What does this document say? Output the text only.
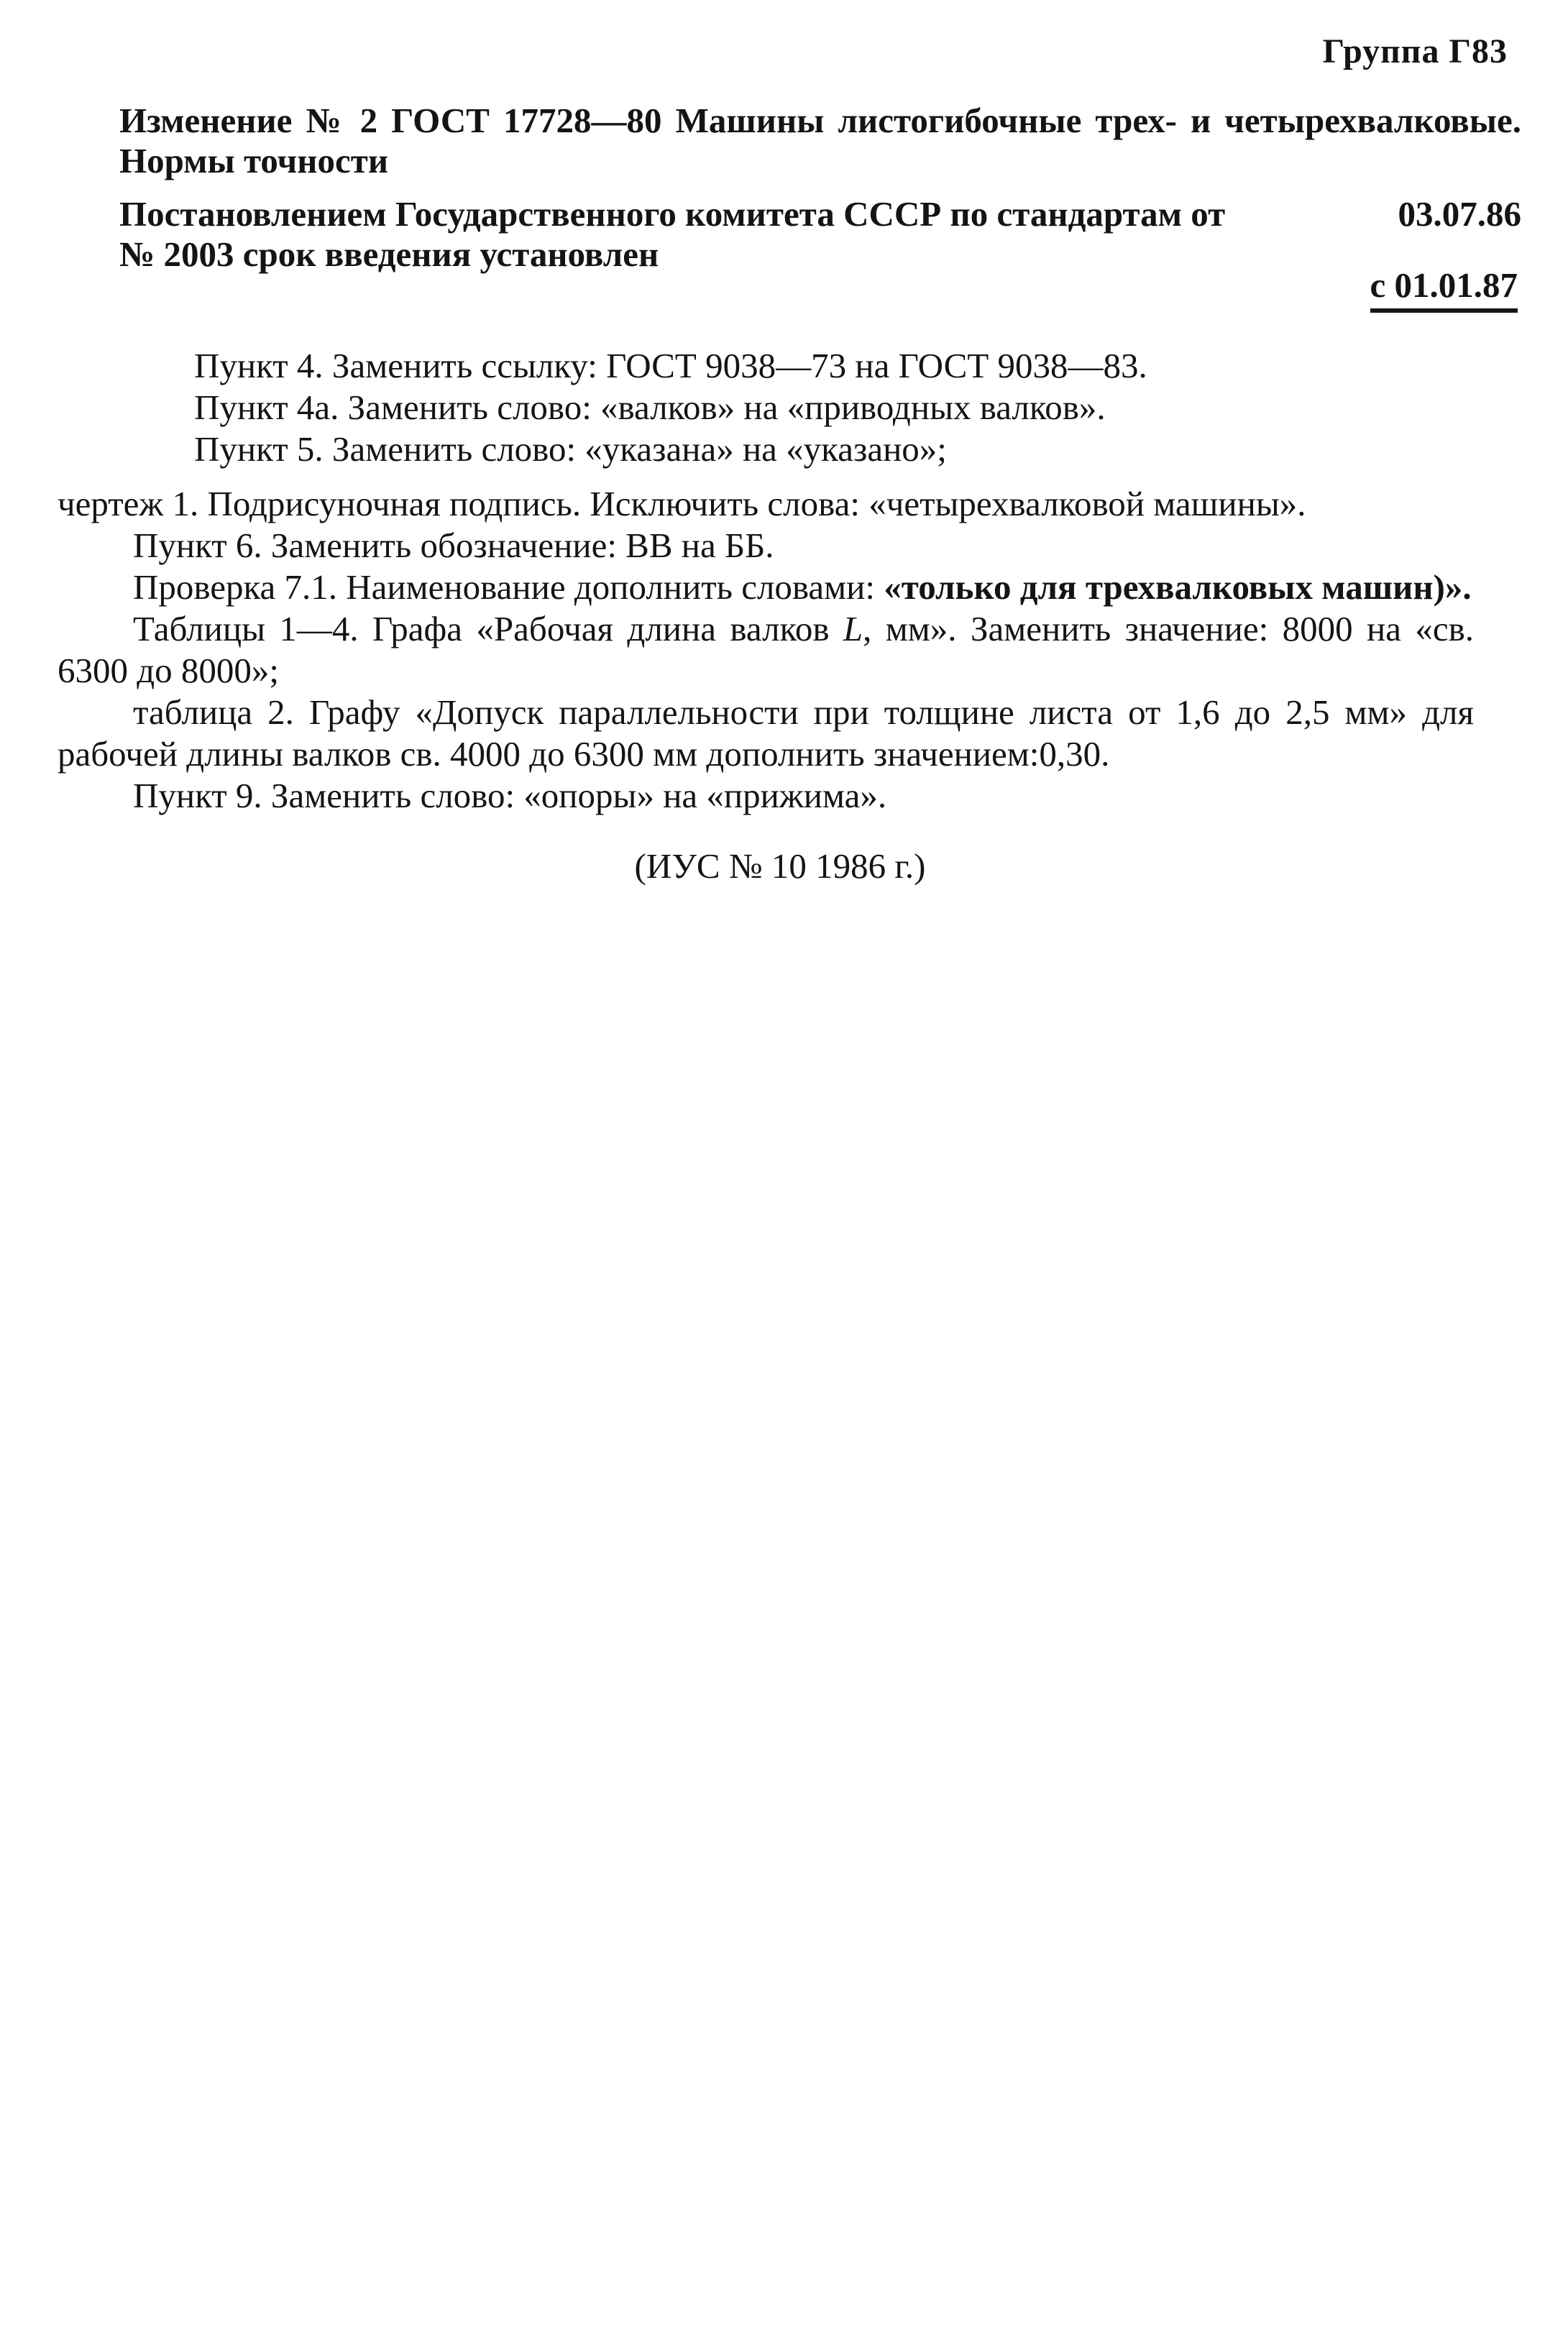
Группа Г83
Изменение № 2 ГОСТ 17728—80 Машины листогибочные трех- и четырехвалковые. Нормы точности
Постановлением Государственного комитета СССР по стандартам от	03.07.86
№ 2003 срок введения установлен
с 01.01.87

Пункт 4. Заменить ссылку: ГОСТ 9038—73 на ГОСТ 9038—83.

Пункт 4а. Заменить слово: «валков» на «приводных валков».

Пункт 5. Заменить слово: «указана» на «указано»;

чертеж 1. Подрисуночная подпись. Исключить слова: «четырехвалковой машины».

Пункт 6. Заменить обозначение: ВВ на ББ.

Проверка 7.1. Наименование дополнить словами: «только для трехвалковых машин)».

Таблицы 1—4. Графа «Рабочая длина валков L, мм». Заменить значение: 8000 на «св. 6300 до 8000»;

таблица 2. Графу «Допуск параллельности при толщине листа от 1,6 до 2,5 мм» для рабочей длины валков св. 4000 до 6300 мм дополнить значением:0,30.

Пункт 9. Заменить слово: «опоры» на «прижима».

(ИУС № 10 1986 г.)
